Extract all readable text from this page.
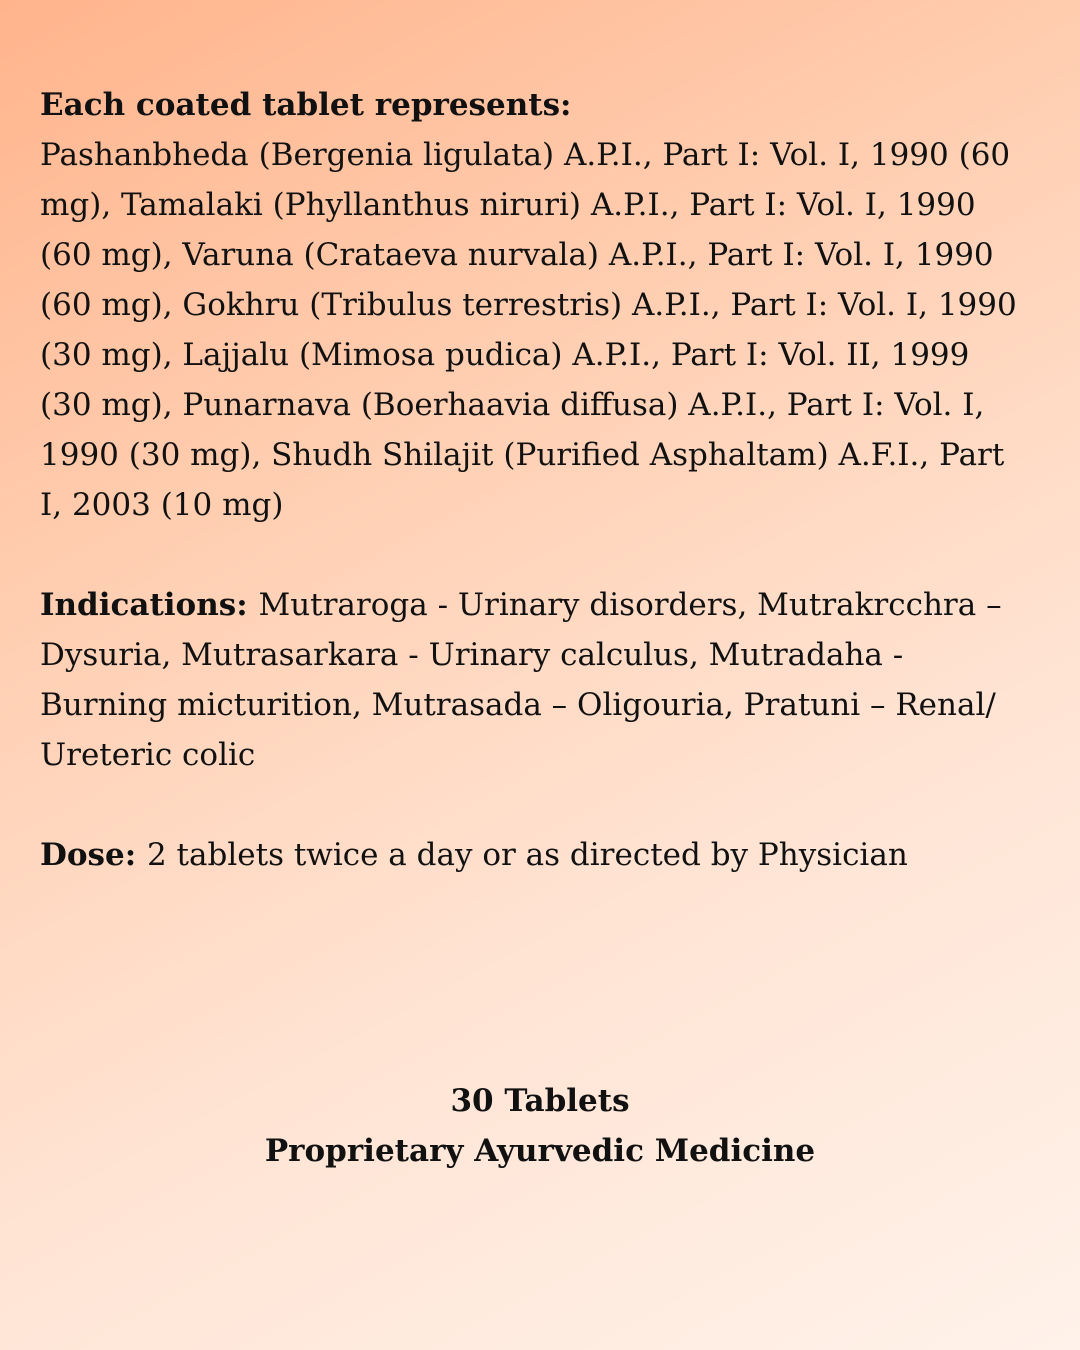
Each coated tablet represents:
Pashanbheda (Bergenia ligulata) A.P.I., Part I: Vol. I, 1990 (60 mg), Tamalaki (Phyllanthus niruri) A.P.I., Part I: Vol. I, 1990 (60 mg), Varuna (Crataeva nurvala) A.P.I., Part I: Vol. I, 1990 (60 mg), Gokhru (Tribulus terrestris) A.P.I., Part I: Vol. I, 1990 (30 mg), Lajjalu (Mimosa pudica) A.P.I., Part I: Vol. II, 1999 (30 mg), Punarnava (Boerhaavia diffusa) A.P.I., Part I: Vol. I, 1990 (30 mg), Shudh Shilajit (Purified Asphaltam) A.F.I., Part I, 2003 (10 mg)
Indications: Mutraroga - Urinary disorders, Mutrakrcchra – Dysuria, Mutrasarkara - Urinary calculus, Mutradaha - Burning micturition, Mutrasada – Oligouria, Pratuni – Renal/ Ureteric colic
Dose: 2 tablets twice a day or as directed by Physician
30 Tablets
Proprietary Ayurvedic Medicine
